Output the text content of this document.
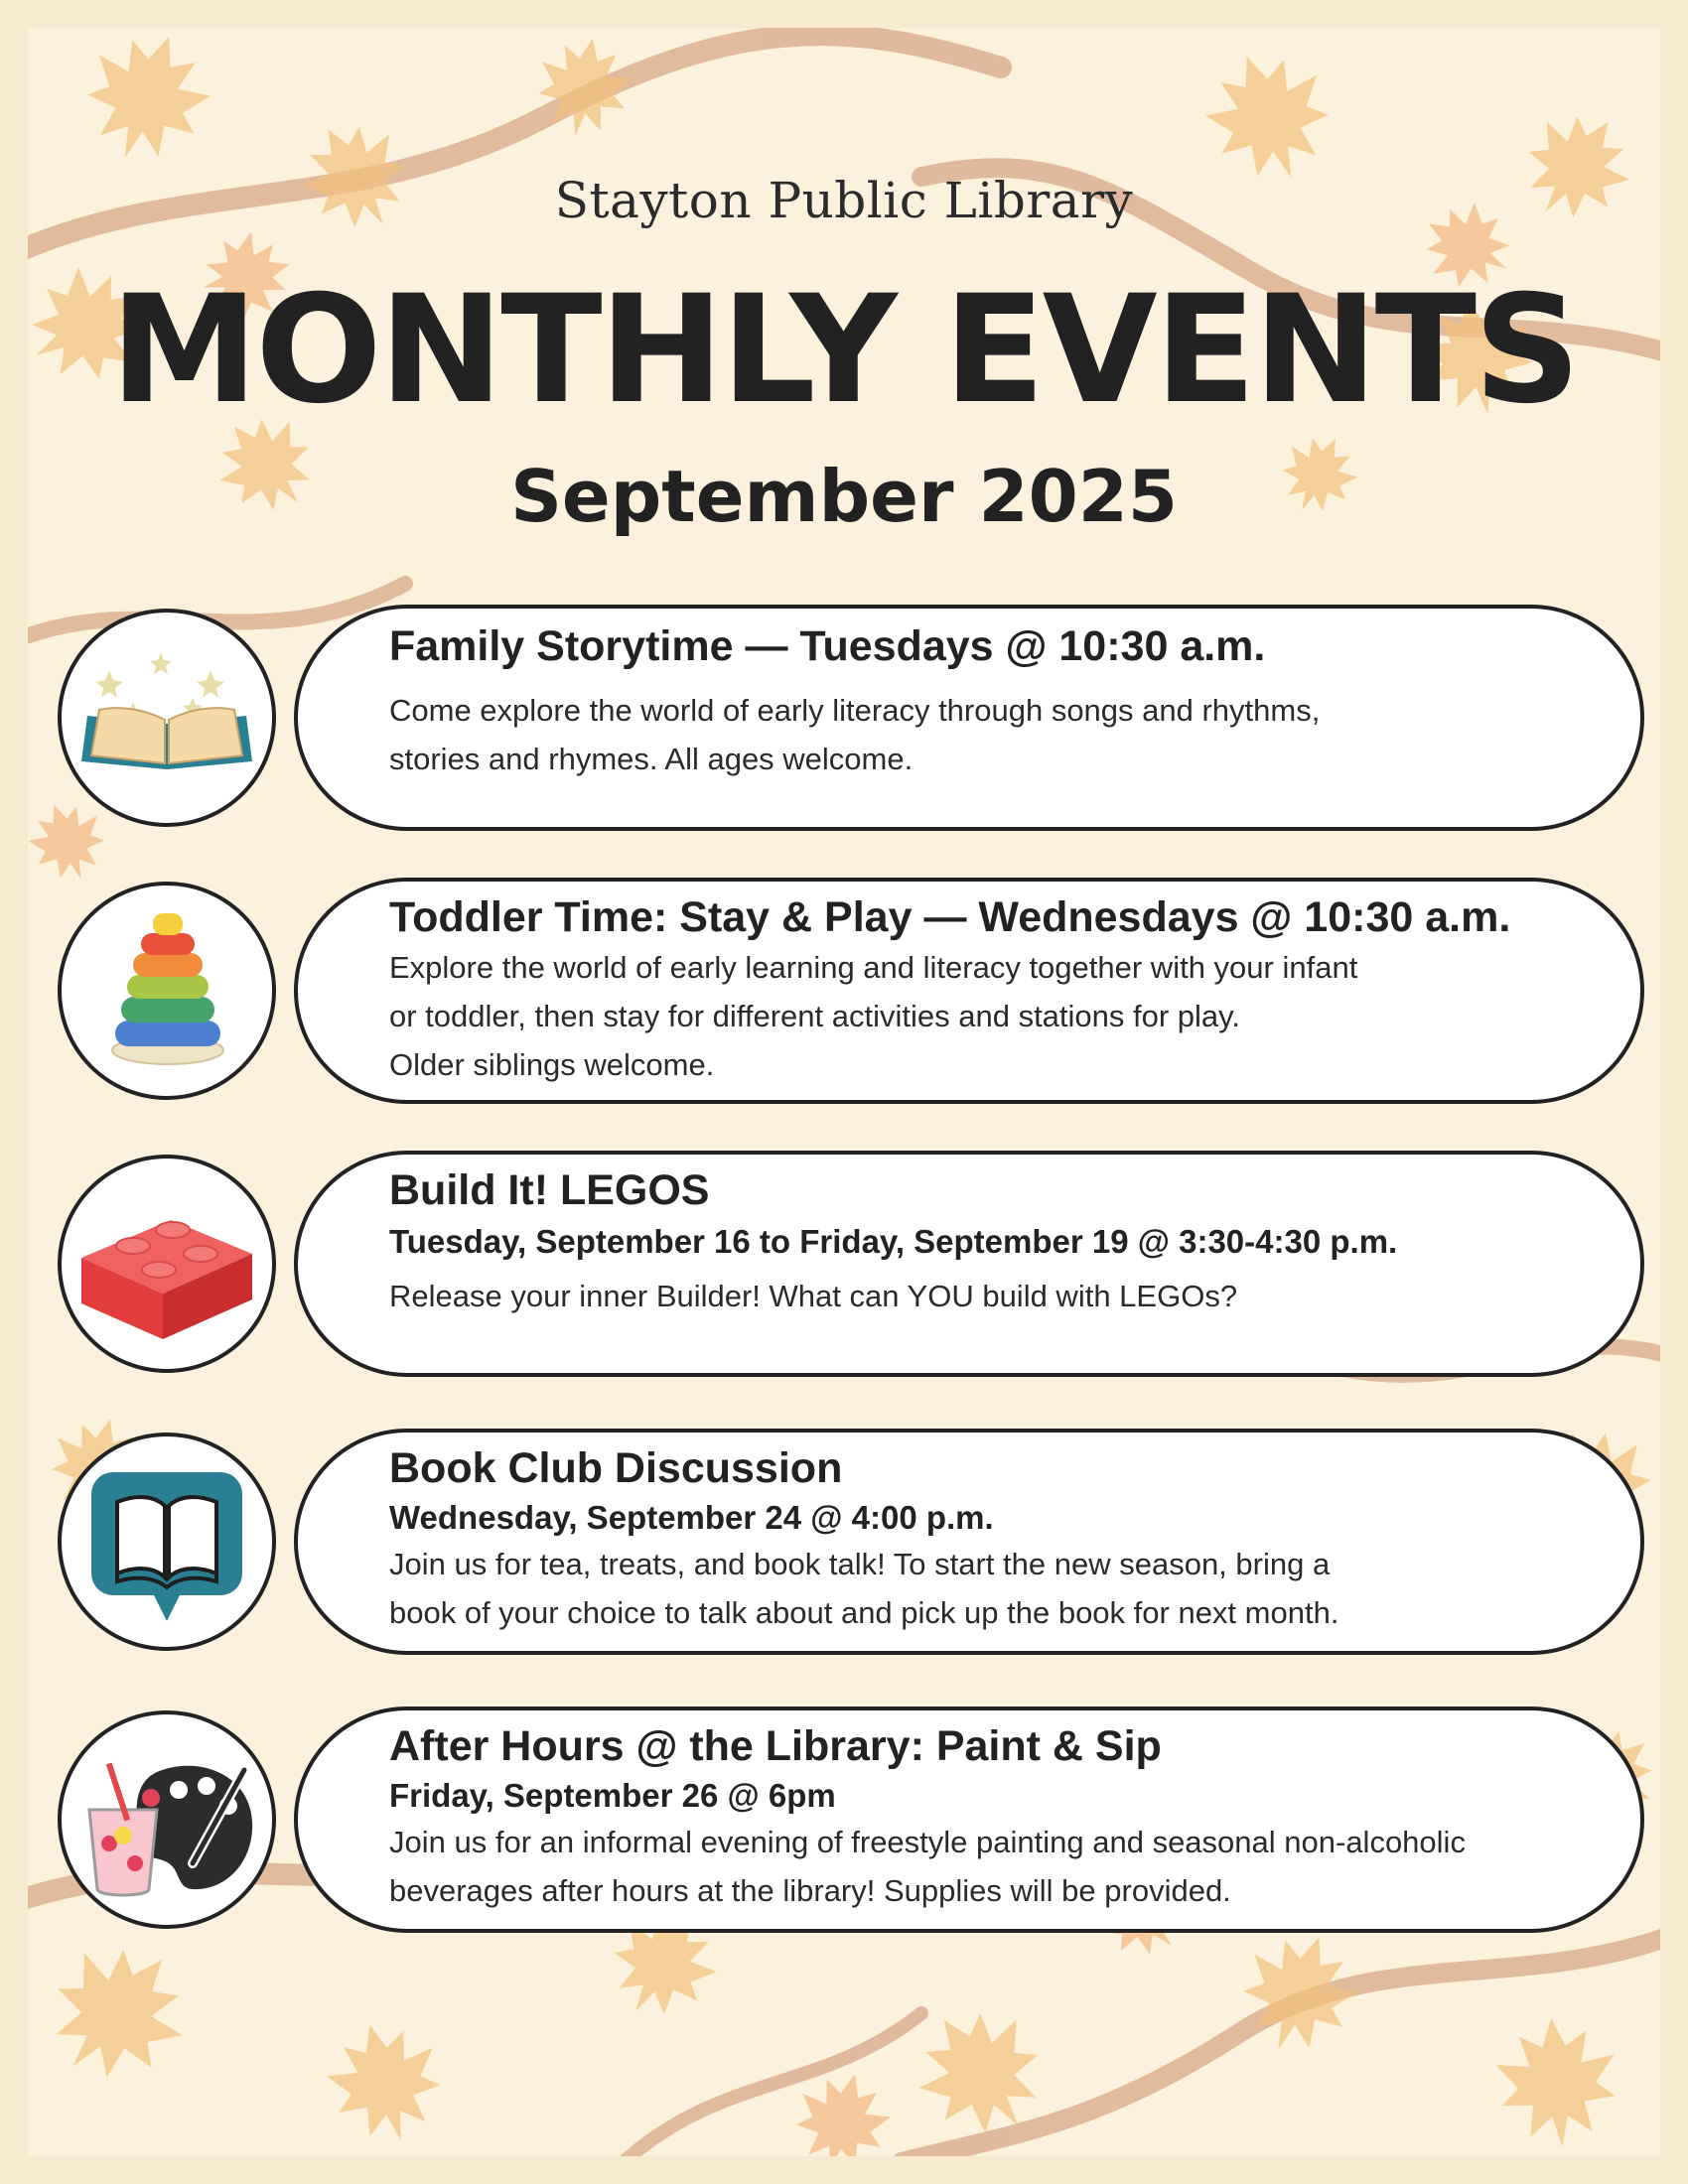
Stayton Public Library
MONTHLY EVENTS
September 2025
Family Storytime — Tuesdays @ 10:30 a.m.
Come explore the world of early literacy through songs and rhythms,
stories and rhymes. All ages welcome.
Toddler Time: Stay & Play — Wednesdays @ 10:30 a.m.
Explore the world of early learning and literacy together with your infant
or toddler, then stay for different activities and stations for play.
Older siblings welcome.
Build It! LEGOS
Tuesday, September 16 to Friday, September 19 @ 3:30-4:30 p.m.
Release your inner Builder! What can YOU build with LEGOs?
Book Club Discussion
Wednesday, September 24 @ 4:00 p.m.
Join us for tea, treats, and book talk! To start the new season, bring a
book of your choice to talk about and pick up the book for next month.
After Hours @ the Library: Paint & Sip
Friday, September 26 @ 6pm
Join us for an informal evening of freestyle painting and seasonal non-alcoholic
beverages after hours at the library! Supplies will be provided.
